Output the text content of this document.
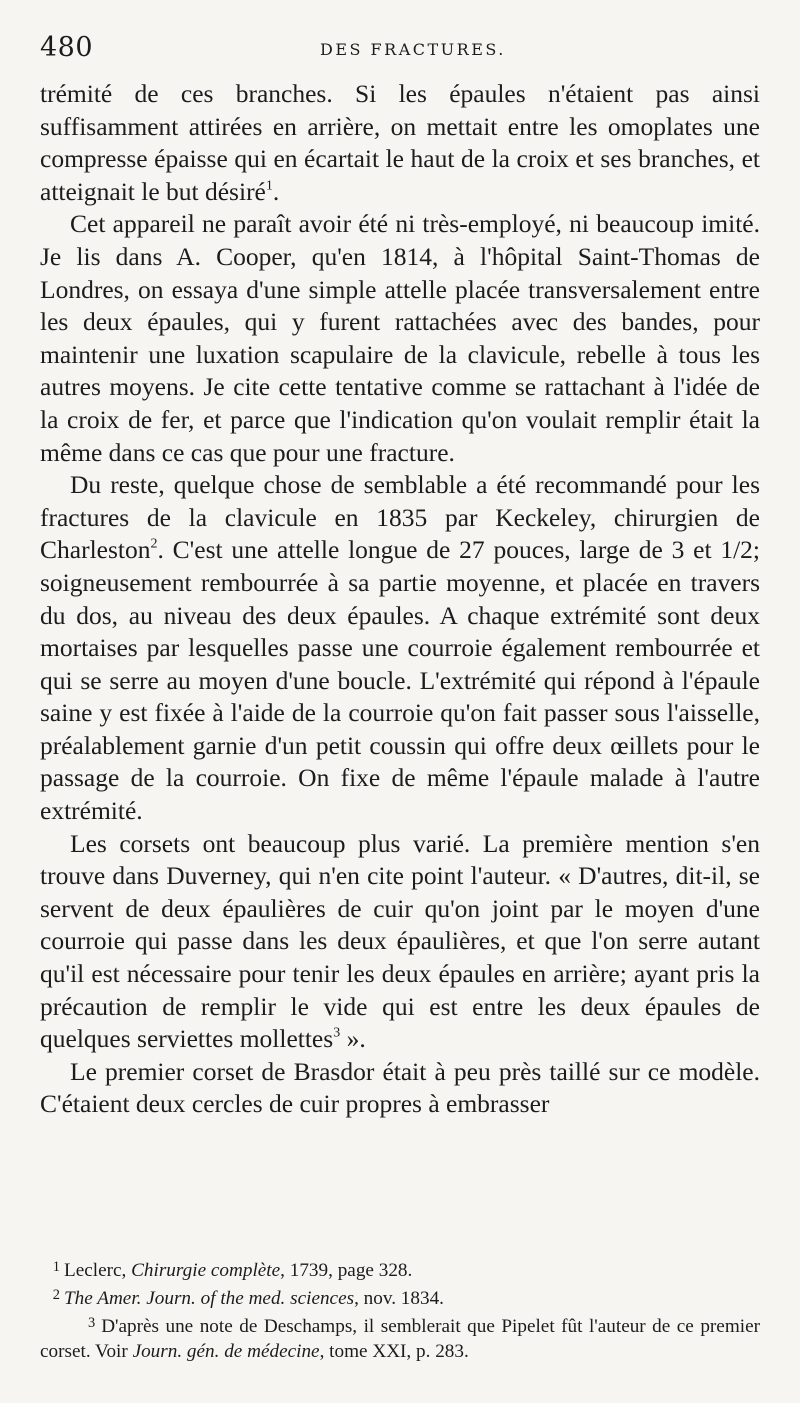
480	DES FRACTURES.

trémité de ces branches. Si les épaules n'étaient pas ainsi suffisamment attirées en arrière, on mettait entre les omoplates une compresse épaisse qui en écartait le haut de la croix et ses branches, et atteignait le but désiré$^1$.

Cet appareil ne paraît avoir été ni très-employé, ni beaucoup imité. Je lis dans A. Cooper, qu'en 1814, à l'hôpital Saint-Thomas de Londres, on essaya d'une simple attelle placée transversalement entre les deux épaules, qui y furent rattachées avec des bandes, pour maintenir une luxation scapulaire de la clavicule, rebelle à tous les autres moyens. Je cite cette tentative comme se rattachant à l'idée de la croix de fer, et parce que l'indication qu'on voulait remplir était la même dans ce cas que pour une fracture.

Du reste, quelque chose de semblable a été recommandé pour les fractures de la clavicule en 1835 par Keckeley, chirurgien de Charleston$^2$. C'est une attelle longue de 27 pouces, large de 3 et 1/2; soigneusement rembourrée à sa partie moyenne, et placée en travers du dos, au niveau des deux épaules. A chaque extrémité sont deux mortaises par lesquelles passe une courroie également rembourrée et qui se serre au moyen d'une boucle. L'extrémité qui répond à l'épaule saine y est fixée à l'aide de la courroie qu'on fait passer sous l'aisselle, préalablement garnie d'un petit coussin qui offre deux œillets pour le passage de la courroie. On fixe de même l'épaule malade à l'autre extrémité.

Les corsets ont beaucoup plus varié. La première mention s'en trouve dans Duverney, qui n'en cite point l'auteur. « D'autres, dit-il, se servent de deux épaulières de cuir qu'on joint par le moyen d'une courroie qui passe dans les deux épaulières, et que l'on serre autant qu'il est nécessaire pour tenir les deux épaules en arrière; ayant pris la précaution de remplir le vide qui est entre les deux épaules de quelques serviettes mollettes$^3$ ».

Le premier corset de Brasdor était à peu près taillé sur ce modèle. C'étaient deux cercles de cuir propres à embrasser

1 Leclerc, Chirurgie complète, 1739, page 328.

2 The Amer. Journ. of the med. sciences, nov. 1834.

3 D'après une note de Deschamps, il semblerait que Pipelet fût l'auteur de ce premier corset. Voir Journ. gén. de médecine, tome XXI, p. 283.
